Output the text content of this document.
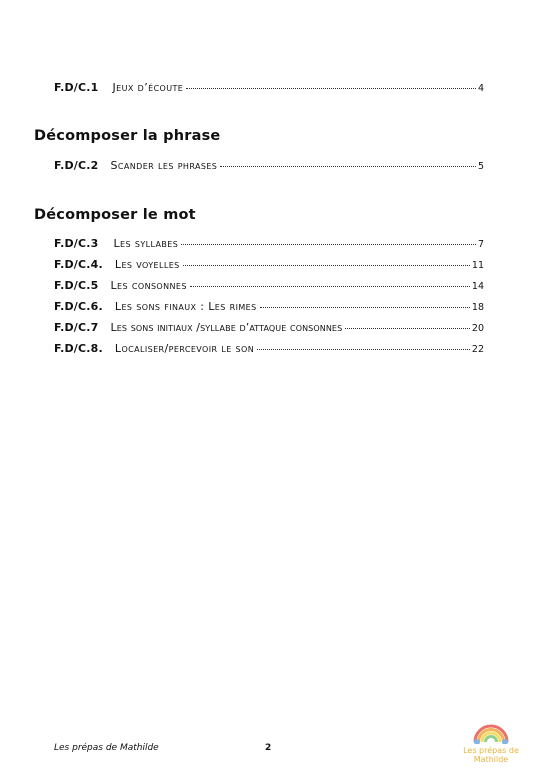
F.D/C.1 Jeux d’écoute	4
Décomposer la phrase
F.D/C.2 Scander les phrases	5
Décomposer le mot
F.D/C.3 Les syllabes	7
F.D/C.4. Les voyelles	11
F.D/C.5 Les consonnes	14
F.D/C.6. Les sons finaux : Les rimes	18
F.D/C.7 Les sons initiaux /syllabe d’attaque consonnes	20
F.D/C.8. Localiser/percevoir le son	22
Les prépas de Mathilde	2	Les prépas de
Mathilde
